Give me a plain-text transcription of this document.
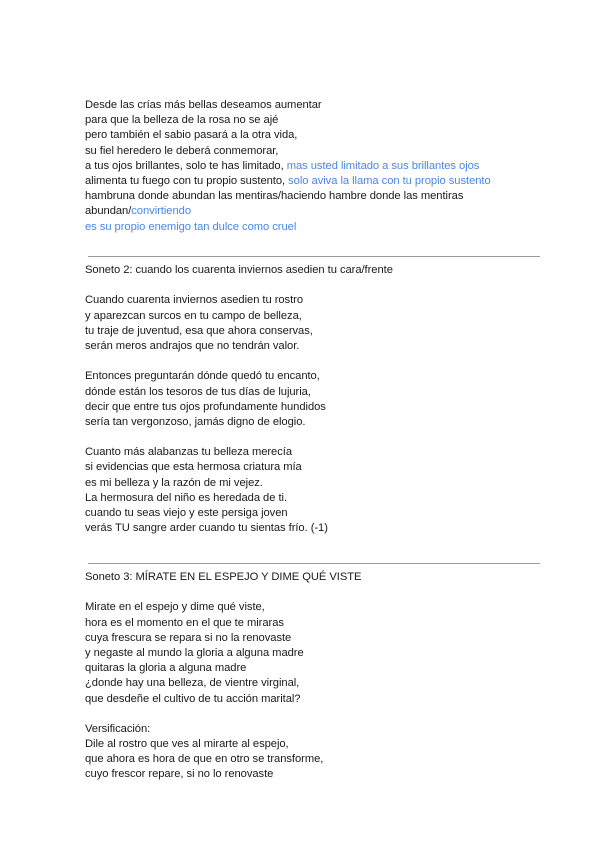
Desde las crías más bellas deseamos aumentar
para que la belleza de la rosa no se ajé
pero también el sabio pasará a la otra vida,
su fiel heredero le deberá conmemorar,
a tus ojos brillantes, solo te has limitado, mas usted limitado a sus brillantes ojos
alimenta tu fuego con tu propio sustento, solo aviva la llama con tu propio sustento
hambruna donde abundan las mentiras/haciendo hambre donde las mentiras
abundan/convirtiendo
es su propio enemigo tan dulce como cruel
Soneto 2: cuando los cuarenta inviernos asedien tu cara/frente
Cuando cuarenta inviernos asedien tu rostro
y aparezcan surcos en tu campo de belleza,
tu traje de juventud, esa que ahora conservas,
serán meros andrajos que no tendrán valor.
Entonces preguntarán dónde quedó tu encanto,
dónde están los tesoros de tus días de lujuria,
decir que entre tus ojos profundamente hundidos
sería tan vergonzoso, jamás digno de elogio.
Cuanto más alabanzas tu belleza merecía
si evidencias que esta hermosa criatura mía
es mi belleza y la razón de mi vejez.
La hermosura del niño es heredada de ti.
cuando tu seas viejo y este persiga joven
verás TU sangre arder cuando tu sientas frío. (-1)
Soneto 3: MÍRATE EN EL ESPEJO Y DIME QUÉ VISTE
Mirate en el espejo y dime qué viste,
hora es el momento en el que te miraras
cuya frescura se repara si no la renovaste
y negaste al mundo la gloria a alguna madre
quitaras la gloria a alguna madre
¿donde hay una belleza, de vientre virginal,
que desdeñe el cultivo de tu acción marital?
Versificación:
Dile al rostro que ves al mirarte al espejo,
que ahora es hora de que en otro se transforme,
cuyo frescor repare, si no lo renovaste
